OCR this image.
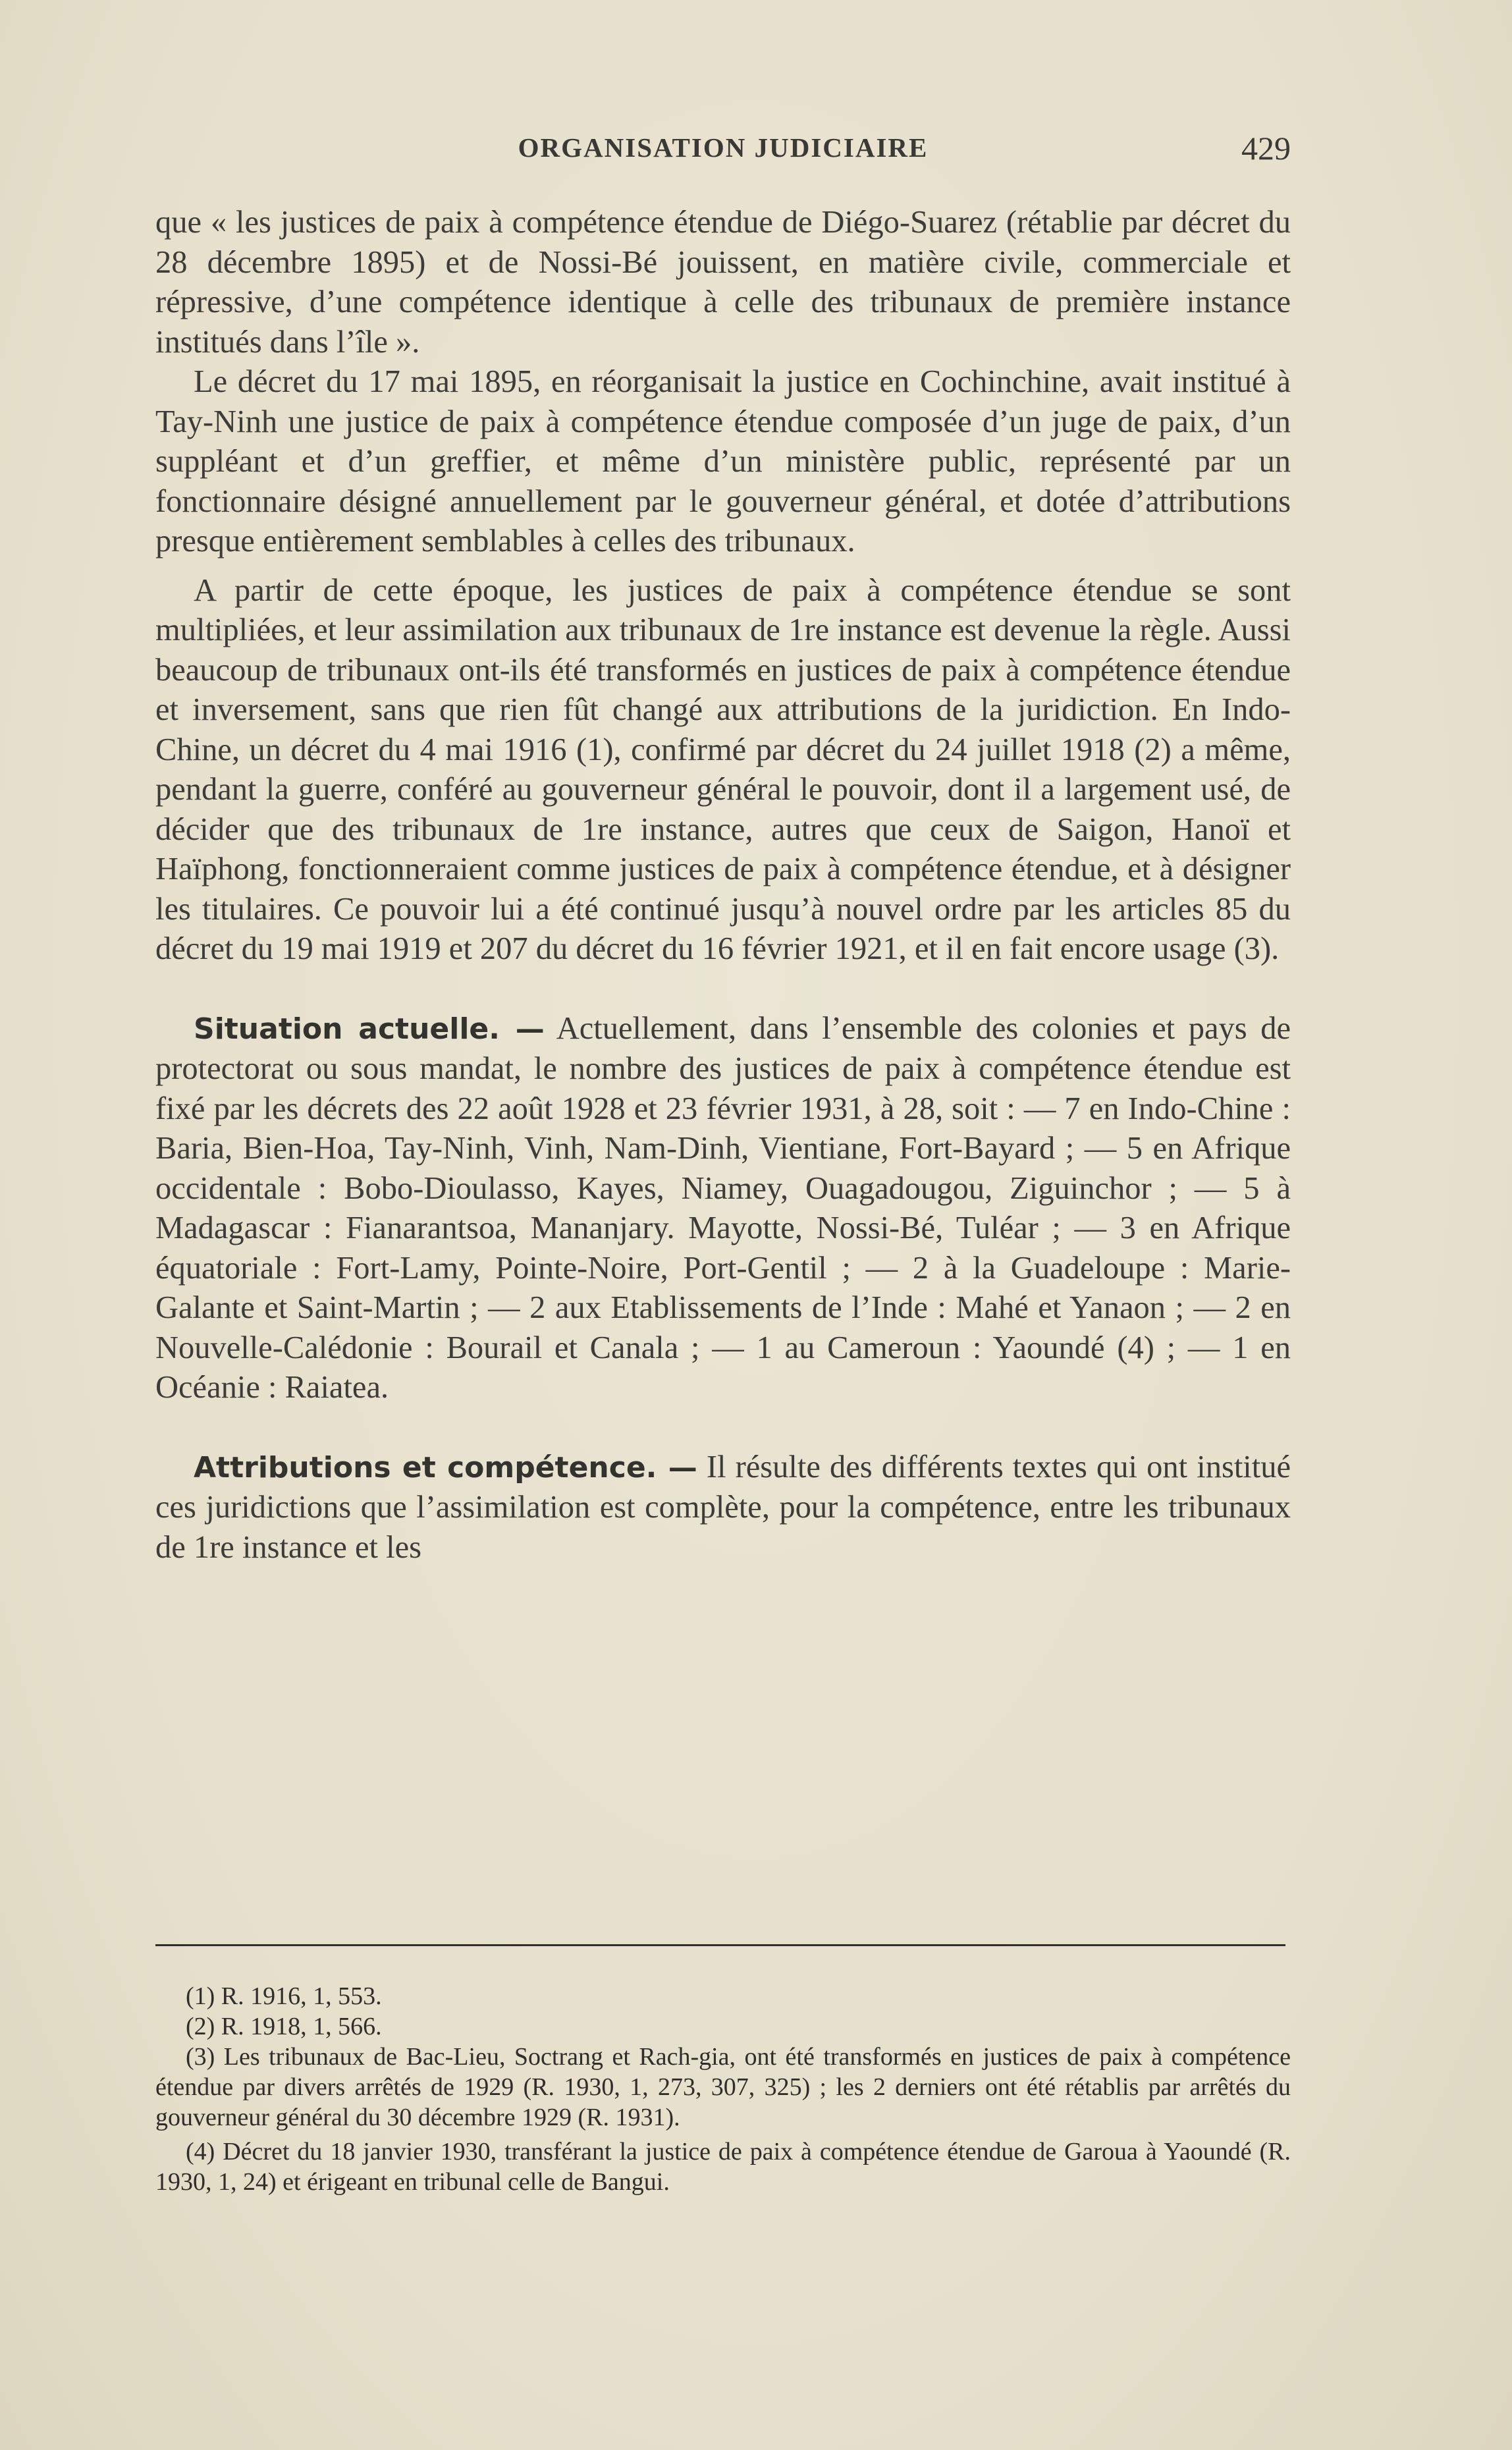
ORGANISATION JUDICIAIRE	429

que « les justices de paix à compétence étendue de Diégo-Suarez (rétablie par décret du 28 décembre 1895) et de Nossi-Bé jouissent, en matière civile, commerciale et répressive, d’une compétence identique à celle des tribunaux de première instance institués dans l’île ».

Le décret du 17 mai 1895, en réorganisait la justice en Cochinchine, avait institué à Tay-Ninh une justice de paix à compétence étendue composée d’un juge de paix, d’un suppléant et d’un greffier, et même d’un ministère public, représenté par un fonctionnaire désigné annuellement par le gouverneur général, et dotée d’attributions presque entièrement semblables à celles des tribunaux.

A partir de cette époque, les justices de paix à compétence étendue se sont multipliées, et leur assimilation aux tribunaux de 1re instance est devenue la règle. Aussi beaucoup de tribunaux ont-ils été transformés en justices de paix à compétence étendue et inversement, sans que rien fût changé aux attributions de la juridiction. En Indo-Chine, un décret du 4 mai 1916 (1), confirmé par décret du 24 juillet 1918 (2) a même, pendant la guerre, conféré au gouverneur général le pouvoir, dont il a largement usé, de décider que des tribunaux de 1re instance, autres que ceux de Saigon, Hanoï et Haïphong, fonctionneraient comme justices de paix à compétence étendue, et à désigner les titulaires. Ce pouvoir lui a été continué jusqu’à nouvel ordre par les articles 85 du décret du 19 mai 1919 et 207 du décret du 16 février 1921, et il en fait encore usage (3).

Situation actuelle. — Actuellement, dans l’ensemble des colonies et pays de protectorat ou sous mandat, le nombre des justices de paix à compétence étendue est fixé par les décrets des 22 août 1928 et 23 février 1931, à 28, soit : — 7 en Indo-Chine : Baria, Bien-Hoa, Tay-Ninh, Vinh, Nam-Dinh, Vientiane, Fort-Bayard ; — 5 en Afrique occidentale : Bobo-Dioulasso, Kayes, Niamey, Ouagadougou, Ziguinchor ; — 5 à Madagascar : Fianarantsoa, Mananjary. Mayotte, Nossi-Bé, Tuléar ; — 3 en Afrique équatoriale : Fort-Lamy, Pointe-Noire, Port-Gentil ; — 2 à la Guadeloupe : Marie-Galante et Saint-Martin ; — 2 aux Etablissements de l’Inde : Mahé et Yanaon ; — 2 en Nouvelle-Calédonie : Bourail et Canala ; — 1 au Cameroun : Yaoundé (4) ; — 1 en Océanie : Raiatea.

Attributions et compétence. — Il résulte des différents textes qui ont institué ces juridictions que l’assimilation est complète, pour la compétence, entre les tribunaux de 1re instance et les

(1) R. 1916, 1, 553.

(2) R. 1918, 1, 566.

(3) Les tribunaux de Bac-Lieu, Soctrang et Rach-gia, ont été transformés en justices de paix à compétence étendue par divers arrêtés de 1929 (R. 1930, 1, 273, 307, 325) ; les 2 derniers ont été rétablis par arrêtés du gouverneur général du 30 décembre 1929 (R. 1931).

(4) Décret du 18 janvier 1930, transférant la justice de paix à compétence étendue de Garoua à Yaoundé (R. 1930, 1, 24) et érigeant en tribunal celle de Bangui.
